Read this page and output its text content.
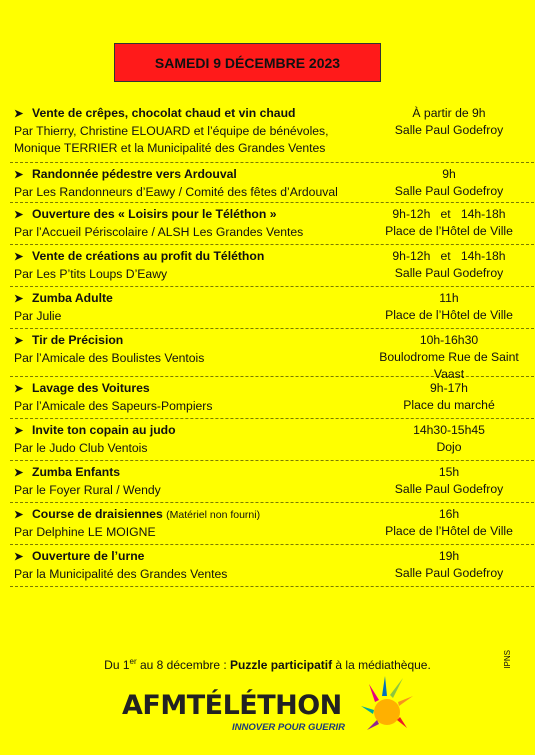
SAMEDI 9 DÉCEMBRE 2023
➤ Vente de crêpes, chocolat chaud et vin chaud
Par Thierry, Christine ELOUARD et l’équipe de bénévoles, Monique TERRIER et la Municipalité des Grandes Ventes
À partir de 9h
Salle Paul Godefroy
➤ Randonnée pédestre vers Ardouval
Par Les Randonneurs d’Eawy / Comité des fêtes d’Ardouval
9h
Salle Paul Godefroy
➤ Ouverture des « Loisirs pour le Téléthon »
Par l’Accueil Périscolaire / ALSH Les Grandes Ventes
9h-12h   et   14h-18h
Place de l’Hôtel de Ville
➤ Vente de créations au profit du Téléthon
Par Les P’tits Loups D’Eawy
9h-12h   et   14h-18h
Salle Paul Godefroy
➤ Zumba Adulte
Par Julie
11h
Place de l’Hôtel de Ville
➤ Tir de Précision
Par l’Amicale des Boulistes Ventois
10h-16h30
Boulodrome Rue de Saint Vaast
➤ Lavage des Voitures
Par l’Amicale des Sapeurs-Pompiers
9h-17h
Place du marché
➤ Invite ton copain au judo
Par le Judo Club Ventois
14h30-15h45
Dojo
➤ Zumba Enfants
Par le Foyer Rural / Wendy
15h
Salle Paul Godefroy
➤ Course de draisiennes
(Matériel non fourni)
Par Delphine LE MOIGNE
16h
Place de l’Hôtel de Ville
➤ Ouverture de l’urne
Par la Municipalité des Grandes Ventes
19h
Salle Paul Godefroy
Du 1er au 8 décembre : Puzzle participatif à la médiathèque.	IPNS
AFMTÉLÉTHON
INNOVER POUR GUERIR
